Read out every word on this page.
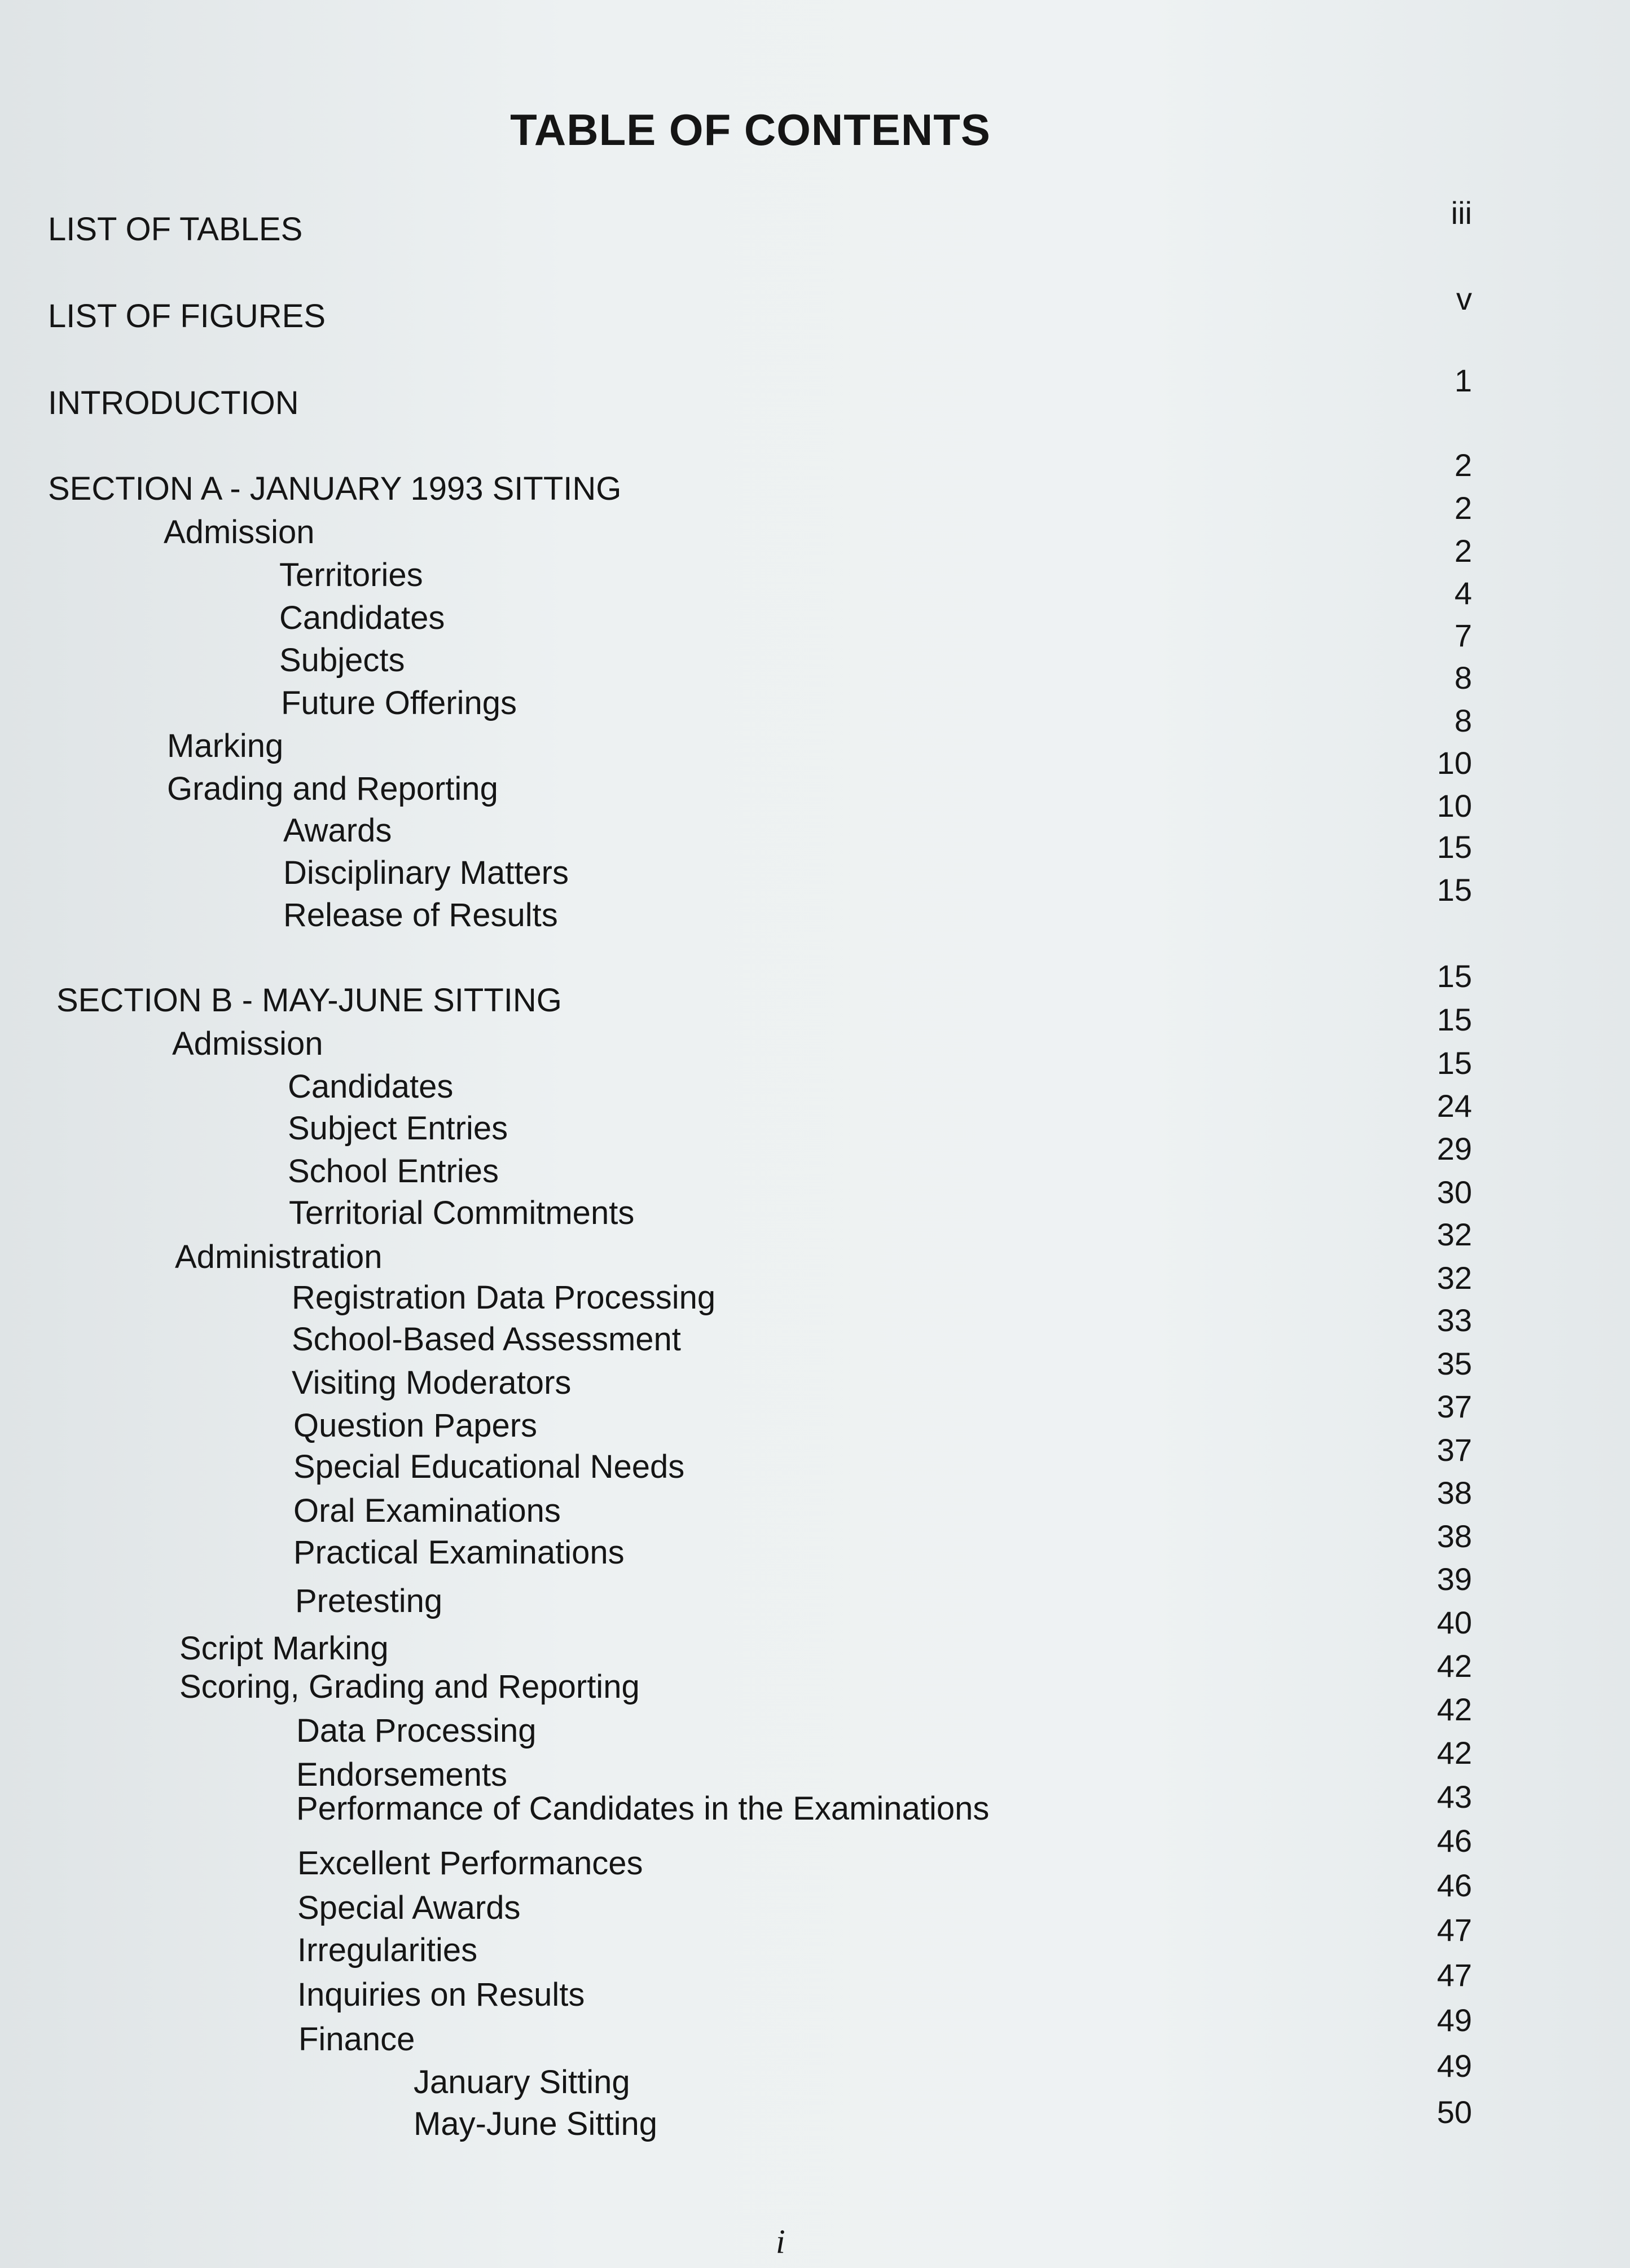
TABLE OF CONTENTS
LIST OF TABLES
LIST OF FIGURES
INTRODUCTION
SECTION A - JANUARY 1993 SITTING
Admission
Territories
Candidates
Subjects
Future Offerings
Marking
Grading and Reporting
Awards
Disciplinary Matters
Release of Results
SECTION B - MAY-JUNE SITTING
Admission
Candidates
Subject Entries
School Entries
Territorial Commitments
Administration
Registration Data Processing
School-Based Assessment
Visiting Moderators
Question Papers
Special Educational Needs
Oral Examinations
Practical Examinations
Pretesting
Script Marking
Scoring, Grading and Reporting
Data Processing
Endorsements
Performance of Candidates in the Examinations
Excellent Performances
Special Awards
Irregularities
Inquiries on Results
Finance
January Sitting
May-June Sitting
iii
v
1
2
2
2
4
7
8
8
10
10
15
15
15
15
15
24
29
30
32
32
33
35
37
37
38
38
39
40
42
42
42
43
46
46
47
47
49
49
50
i
